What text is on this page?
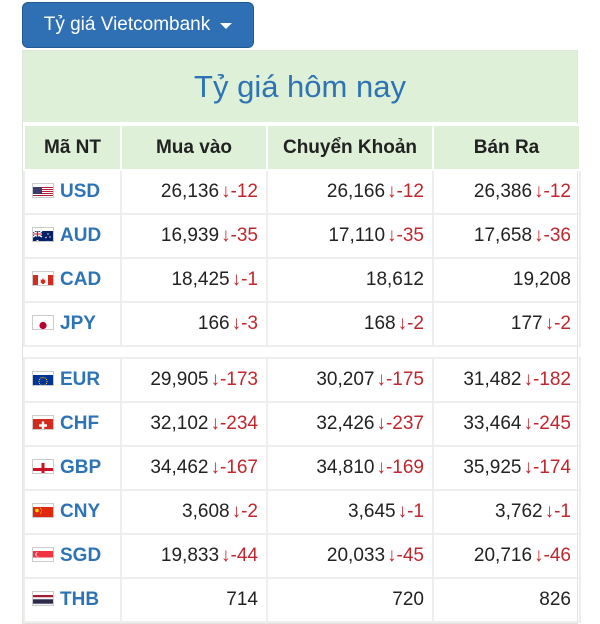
Tỷ giá Vietcombank
Tỷ giá hôm nay
Mã NT	Mua vào	Chuyển Khoản	Bán Ra
USD	26,136 ↓-12	26,166 ↓-12	26,386 ↓-12
AUD	16,939 ↓-35	17,110 ↓-35	17,658 ↓-36
CAD	18,425 ↓-1	18,612	19,208
JPY	166 ↓-3	168 ↓-2	177 ↓-2

EUR	29,905 ↓-173	30,207 ↓-175	31,482 ↓-182
CHF	32,102 ↓-234	32,426 ↓-237	33,464 ↓-245
GBP	34,462 ↓-167	34,810 ↓-169	35,925 ↓-174
CNY	3,608 ↓-2	3,645 ↓-1	3,762 ↓-1
SGD	19,833 ↓-44	20,033 ↓-45	20,716 ↓-46
THB	714	720	826
